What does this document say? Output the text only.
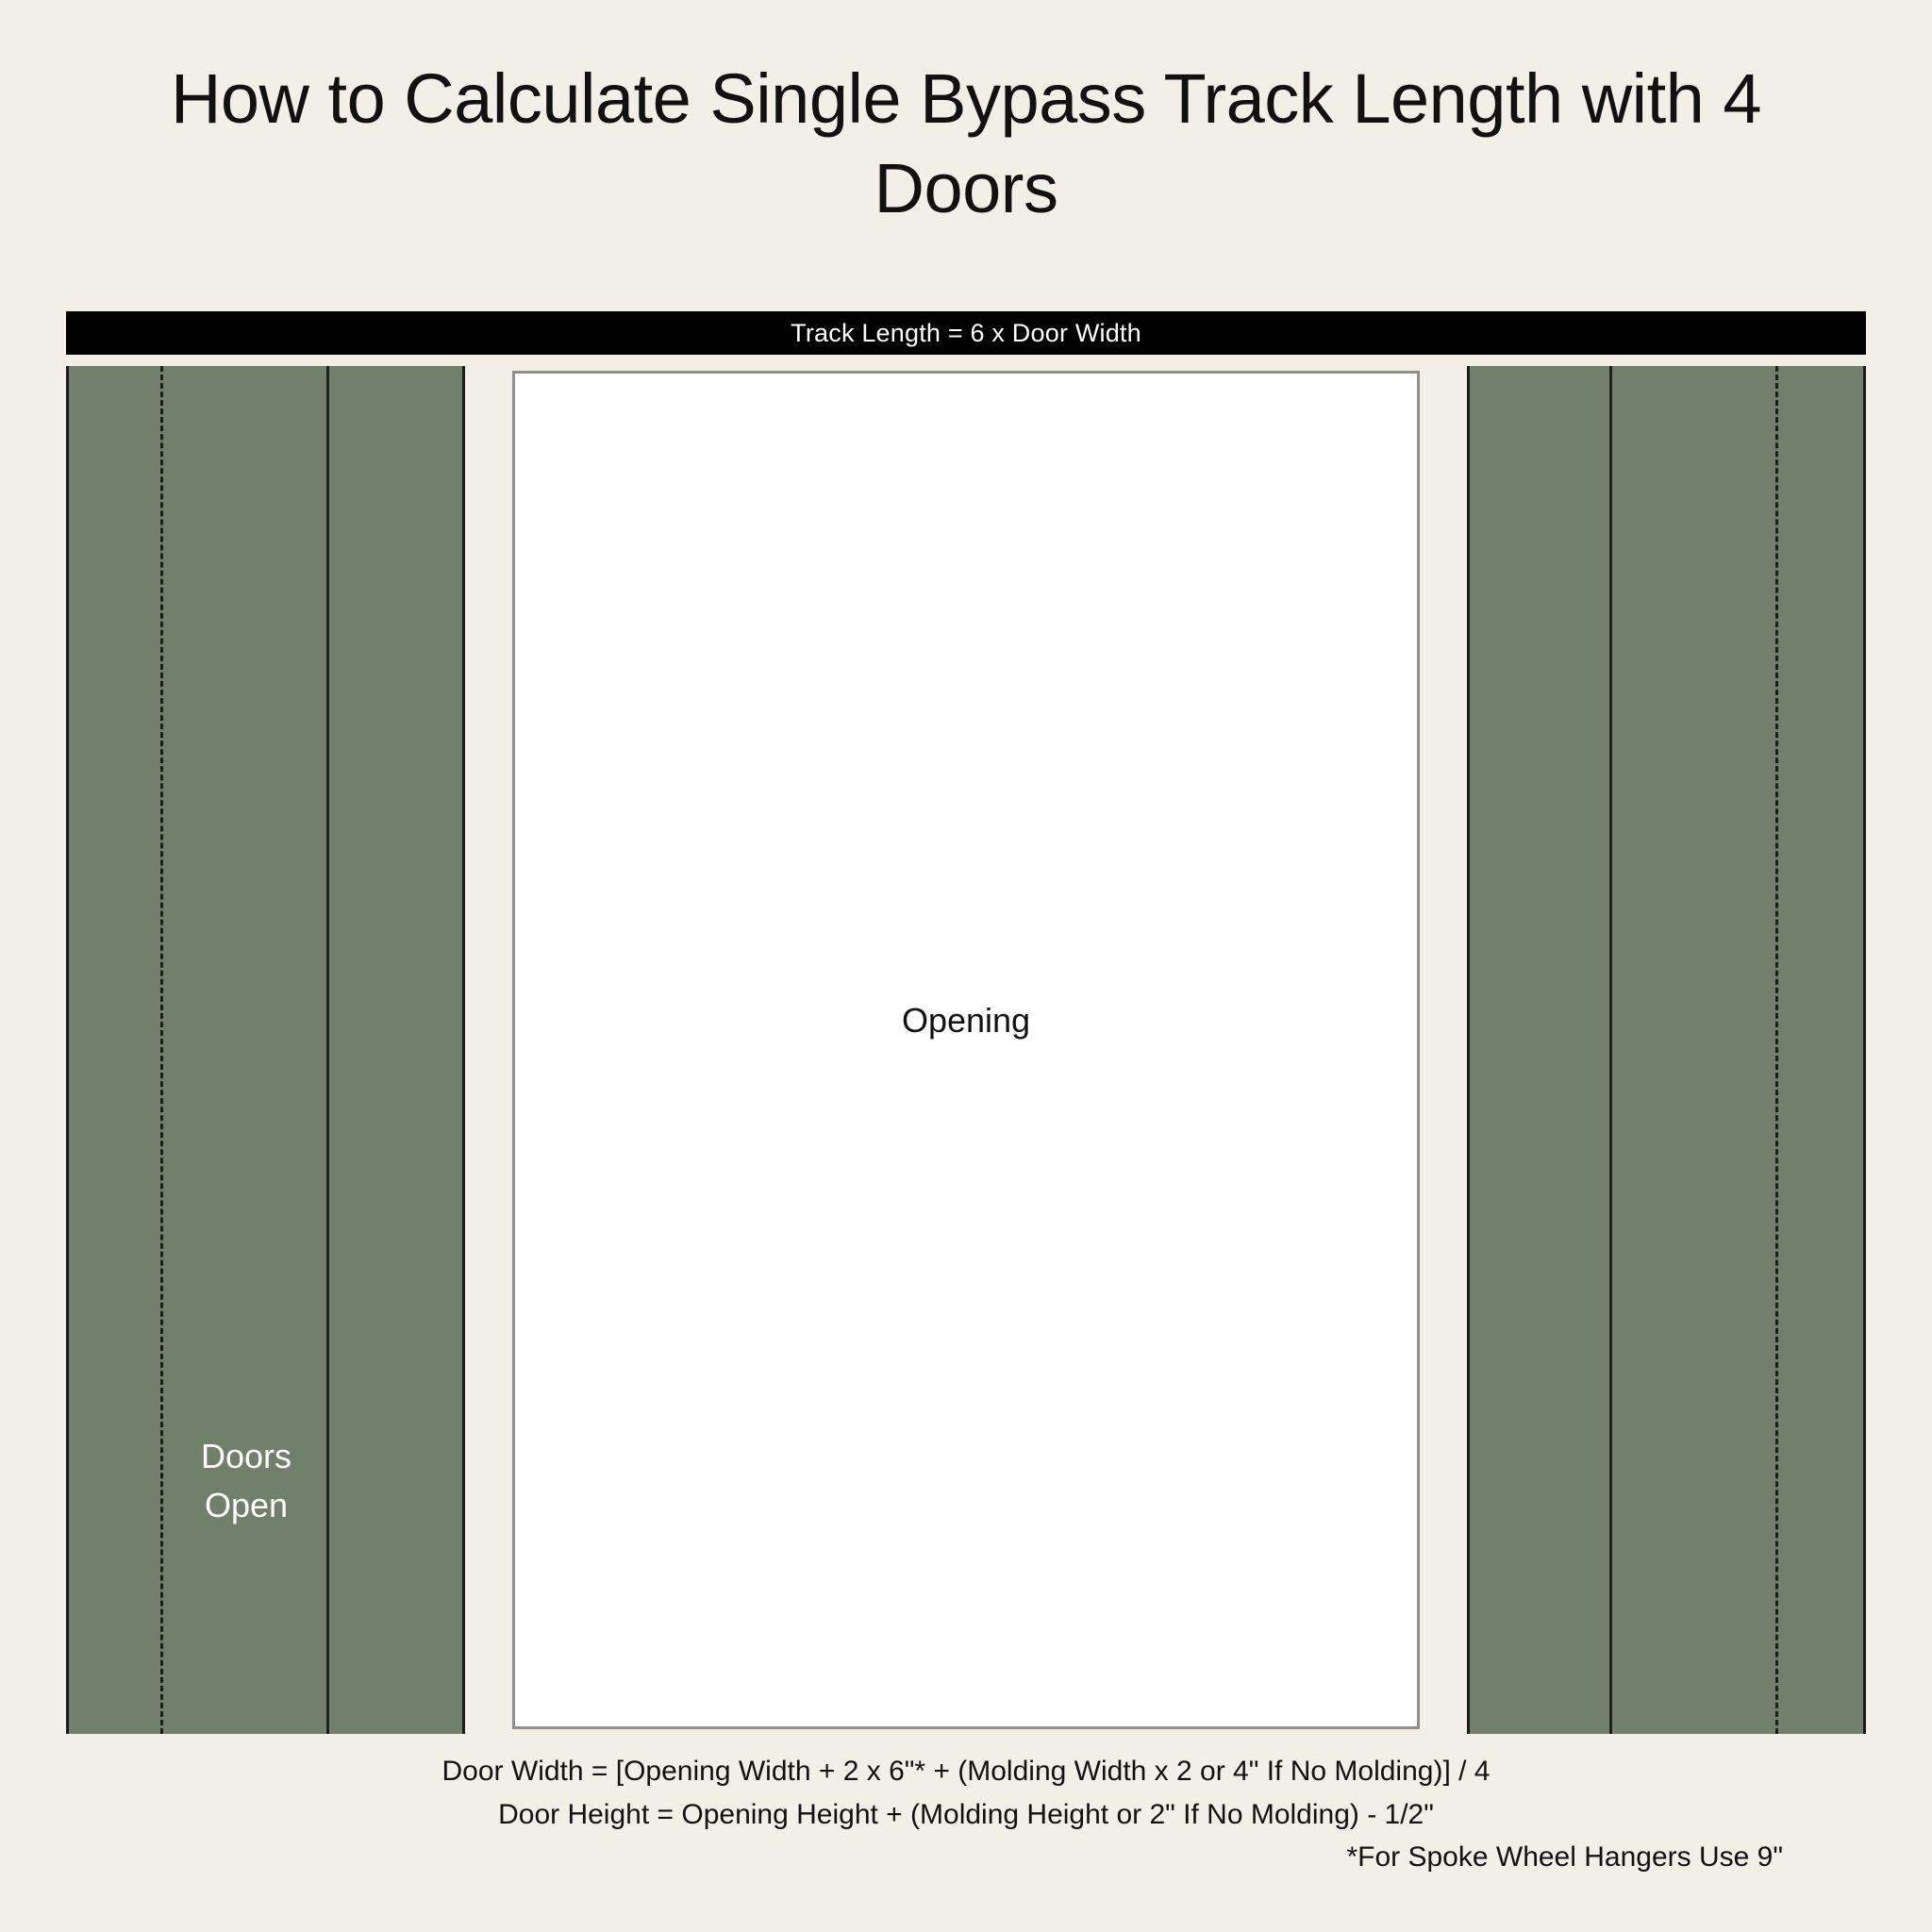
How to Calculate Single Bypass Track Length with 4 Doors
Track Length = 6 x Door Width
Doors
Open
Opening
Door Width = [Opening Width + 2 x 6"* + (Molding Width x 2 or 4" If No Molding)] / 4
Door Height = Opening Height + (Molding Height or 2" If No Molding) - 1/2"
*For Spoke Wheel Hangers Use 9"
